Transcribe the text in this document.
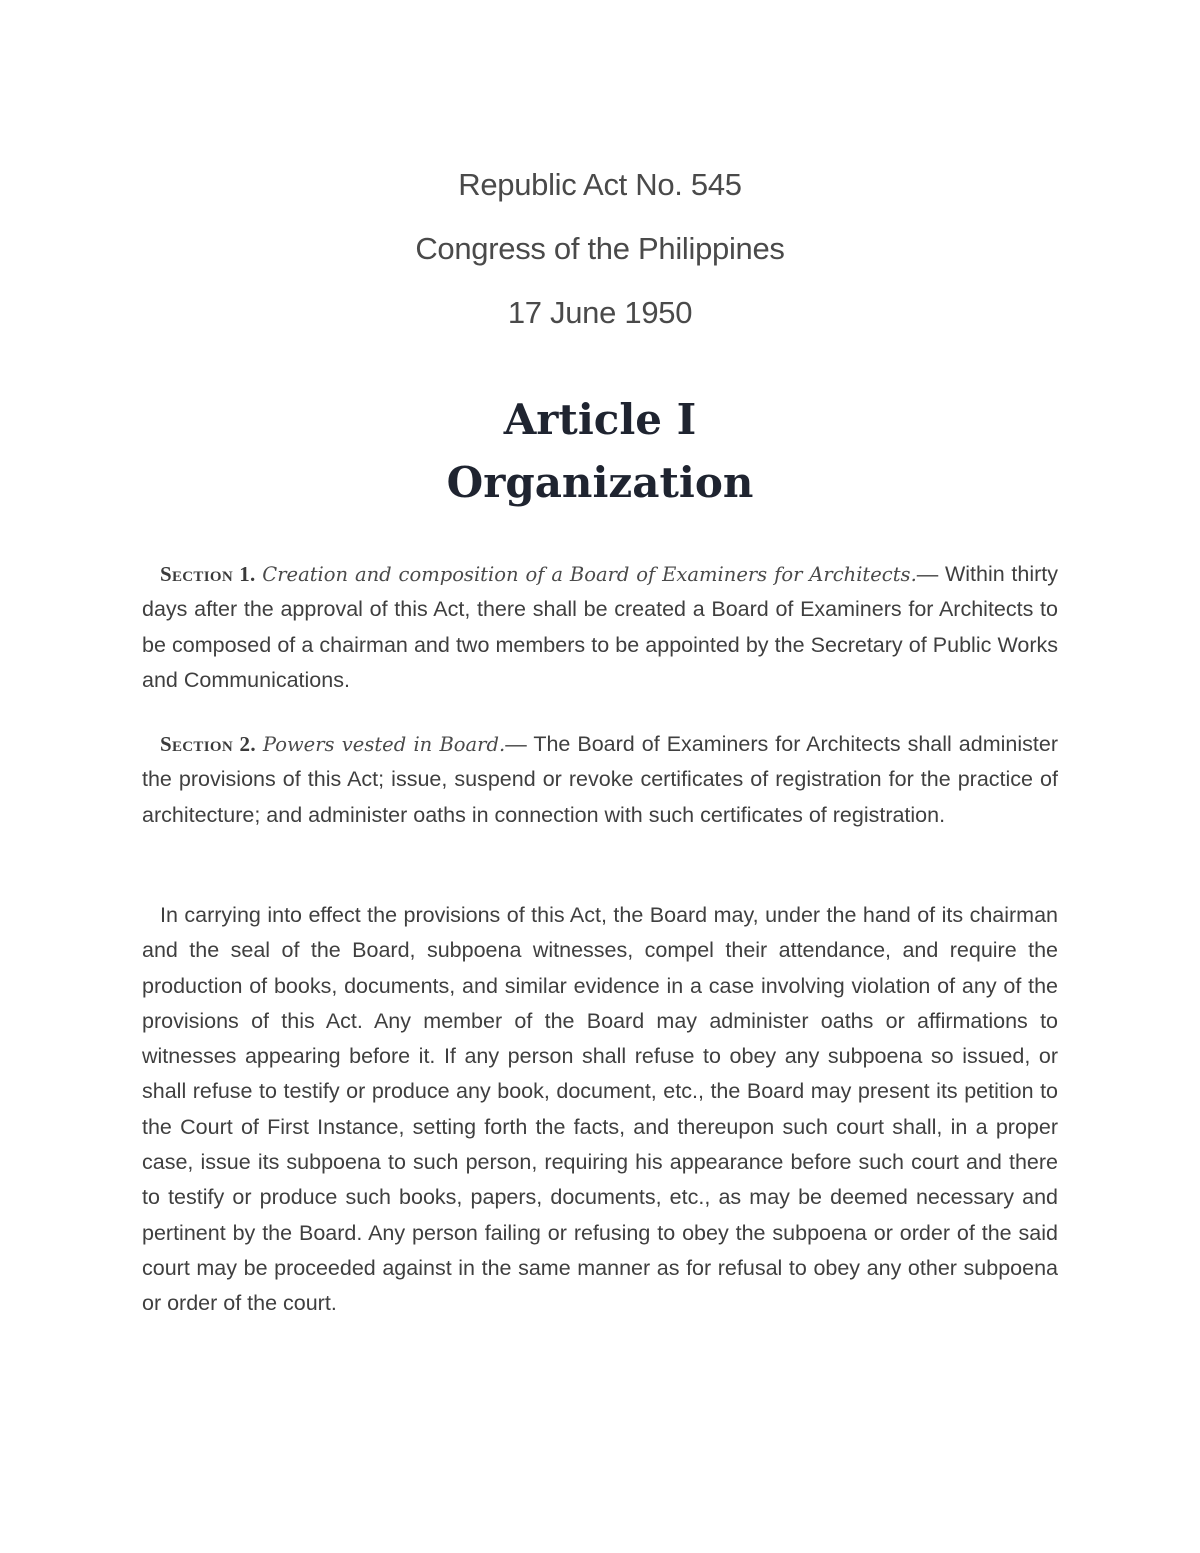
Republic Act No. 545
Congress of the Philippines
17 June 1950
Article I
Organization

Section 1. Creation and composition of a Board of Examiners for Architects.— Within thirty days after the approval of this Act, there shall be created a Board of Examiners for Architects to be composed of a chairman and two members to be appointed by the Secretary of Public Works and Communications.

Section 2. Powers vested in Board.— The Board of Examiners for Architects shall administer the provisions of this Act; issue, suspend or revoke certificates of registration for the practice of architecture; and administer oaths in connection with such certificates of registration.

In carrying into effect the provisions of this Act, the Board may, under the hand of its chairman and the seal of the Board, subpoena witnesses, compel their attendance, and require the production of books, documents, and similar evidence in a case involving violation of any of the provisions of this Act. Any member of the Board may administer oaths or affirmations to witnesses appearing before it. If any person shall refuse to obey any subpoena so issued, or shall refuse to testify or produce any book, document, etc., the Board may present its petition to the Court of First Instance, setting forth the facts, and thereupon such court shall, in a proper case, issue its subpoena to such person, requiring his appearance before such court and there to testify or produce such books, papers, documents, etc., as may be deemed necessary and pertinent by the Board. Any person failing or refusing to obey the subpoena or order of the said court may be proceeded against in the same manner as for refusal to obey any other subpoena or order of the court.
